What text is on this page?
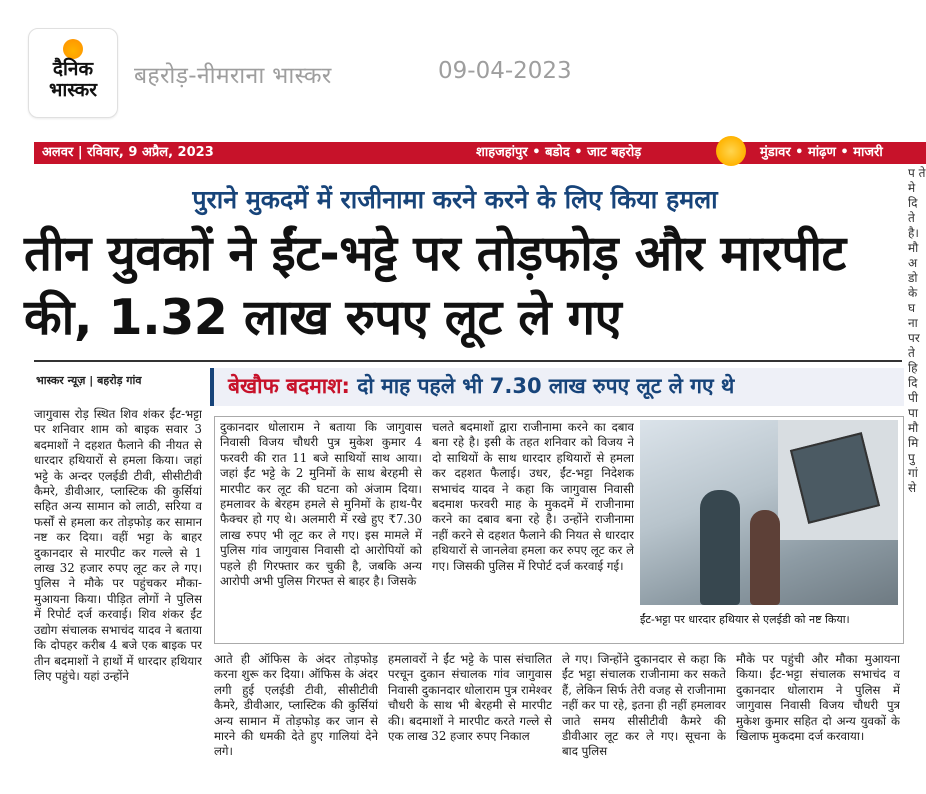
दैनिक
भास्कर
बहरोड़-नीमराना भास्कर	09-04-2023
अलवर | रविवार, 9 अप्रैल, 2023	शाहजहांपुर • बडोद • जाट बहरोड़	मुंडावर • मांढ़ण • माजरी
पुराने मुकदमें में राजीनामा करने करने के लिए किया हमला
तीन युवकों ने ईंट-भट्टे पर तोड़फोड़ और मारपीट की, 1.32 लाख रुपए लूट ले गए
भास्कर न्यूज़ | बहरोड़ गांव	बेखौफ बदमाश: दो माह पहले भी 7.30 लाख रुपए लूट ले गए थे
जागुवास रोड़ स्थित शिव शंकर ईंट-भट्टा पर शनिवार शाम को बाइक सवार 3 बदमाशों ने दहशत फैलाने की नीयत से धारदार हथियारों से हमला किया। जहां भट्टे के अन्दर एलईडी टीवी, सीसीटीवी कैमरे, डीवीआर, प्लास्टिक की कुर्सियां सहित अन्य सामान को लाठी, सरिया व फर्सों से हमला कर तोड़फोड़ कर सामान नष्ट कर दिया। वहीं भट्टा के बाहर दुकानदार से मारपीट कर गल्ले से 1 लाख 32 हजार रुपए लूट कर ले गए। पुलिस ने मौके पर पहुंचकर मौका-मुआयना किया। पीड़ित लोगों ने पुलिस में रिपोर्ट दर्ज करवाई। शिव शंकर ईंट उद्योग संचालक सभाचंद यादव ने बताया कि दोपहर करीब 4 बजे एक बाइक पर तीन बदमाशों ने हाथों में धारदार हथियार लिए पहुंचे। यहां उन्होंने
दुकानदार धोलाराम ने बताया कि जागुवास निवासी विजय चौधरी पुत्र मुकेश कुमार 4 फरवरी की रात 11 बजे साथियों साथ आया। जहां ईंट भट्टे के 2 मुनिमों के साथ बेरहमी से मारपीट कर लूट की घटना को अंजाम दिया। हमलावर के बेरहम हमले से मुनिमों के हाथ-पैर फैक्चर हो गए थे। अलमारी में रखे हुए ₹7.30 लाख रुपए भी लूट कर ले गए। इस मामले में पुलिस गांव जागुवास निवासी दो आरोपियों को पहले ही गिरफ्तार कर चुकी है, जबकि अन्य आरोपी अभी पुलिस गिरफ्त से बाहर है। जिसके
चलते बदमाशों द्वारा राजीनामा करने का दबाव बना रहे है। इसी के तहत शनिवार को विजय ने दो साथियों के साथ धारदार हथियारों से हमला कर दहशत फैलाई। उधर, ईंट-भट्टा निदेशक सभाचंद यादव ने कहा कि जागुवास निवासी बदमाश फरवरी माह के मुकदमें में राजीनामा करने का दबाव बना रहे है। उन्होंने राजीनामा नहीं करने से दहशत फैलाने की नियत से धारदार हथियारों से जानलेवा हमला कर रुपए लूट कर ले गए। जिसकी पुलिस में रिपोर्ट दर्ज करवाई गई।
ईंट-भट्टा पर धारदार हथियार से एलईडी को नष्ट किया।
आते ही ऑफिस के अंदर तोड़फोड़ करना शुरू कर दिया। ऑफिस के अंदर लगी हुई एलईडी टीवी, सीसीटीवी कैमरे, डीवीआर, प्लास्टिक की कुर्सियां अन्य सामान में तोड़फोड़ कर जान से मारने की धमकी देते हुए गालियां देने लगे।
हमलावरों ने ईंट भट्टे के पास संचालित परचून दुकान संचालक गांव जागुवास निवासी दुकानदार धोलाराम पुत्र रामेश्वर चौधरी के साथ भी बेरहमी से मारपीट की। बदमाशों ने मारपीट करते गल्ले से एक लाख 32 हजार रुपए निकाल
ले गए। जिन्होंने दुकानदार से कहा कि ईंट भट्टा संचालक राजीनामा कर सकते हैं, लेकिन सिर्फ तेरी वजह से राजीनामा नहीं कर पा रहे, इतना ही नहीं हमलावर जाते समय सीसीटीवी कैमरे की डीवीआर लूट कर ले गए। सूचना के बाद पुलिस
मौके पर पहुंची और मौका मुआयना किया। ईंट-भट्टा संचालक सभाचंद व दुकानदार धोलाराम ने पुलिस में जागुवास निवासी विजय चौधरी पुत्र मुकेश कुमार सहित दो अन्य युवकों के खिलाफ मुकदमा दर्ज करवाया।
प ते मे दि ते है। मौ अ डो के घ ना पर ते हि दि पी पा मौ मि पु गां से
